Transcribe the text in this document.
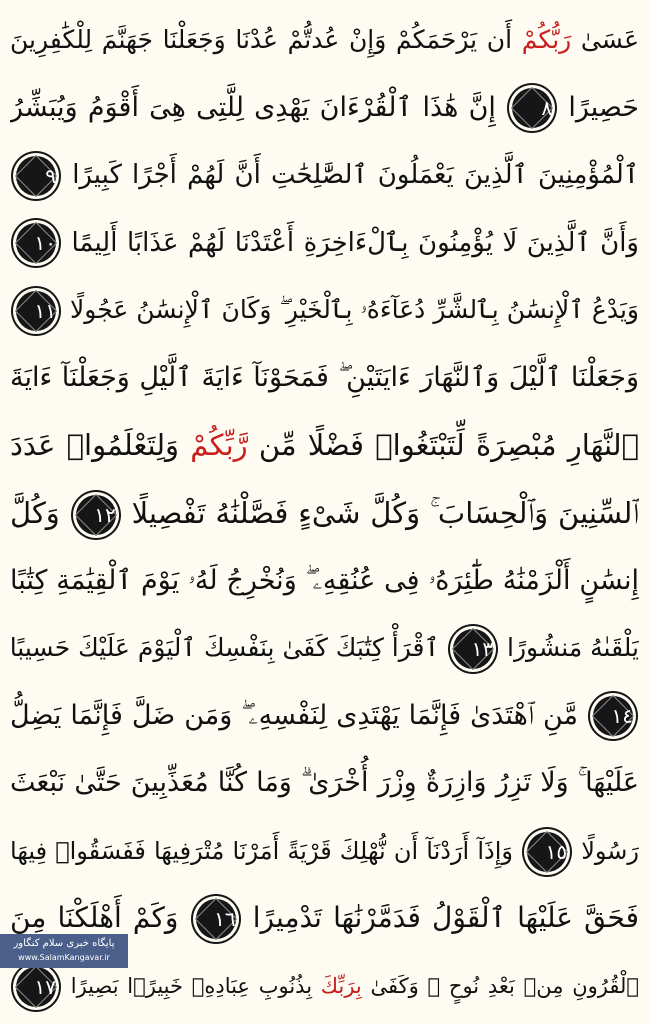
عَسَىٰ رَبُّكُمْ أَن يَرْحَمَكُمْ وَإِنْ عُدتُّمْ عُدْنَا وَجَعَلْنَا جَهَنَّمَ لِلْكَٰفِرِينَ
حَصِيرًا ٨ إِنَّ هَٰذَا ٱلْقُرْءَانَ يَهْدِى لِلَّتِى هِىَ أَقْوَمُ وَيُبَشِّرُ
ٱلْمُؤْمِنِينَ ٱلَّذِينَ يَعْمَلُونَ ٱلصَّٰلِحَٰتِ أَنَّ لَهُمْ أَجْرًا كَبِيرًا ٩
وَأَنَّ ٱلَّذِينَ لَا يُؤْمِنُونَ بِٱلْءَاخِرَةِ أَعْتَدْنَا لَهُمْ عَذَابًا أَلِيمًا ١٠
وَيَدْعُ ٱلْإِنسَٰنُ بِٱلشَّرِّ دُعَآءَهُۥ بِٱلْخَيْرِ ۖ وَكَانَ ٱلْإِنسَٰنُ عَجُولًا ١١
وَجَعَلْنَا ٱلَّيْلَ وَٱلنَّهَارَ ءَايَتَيْنِ ۖ فَمَحَوْنَآ ءَايَةَ ٱلَّيْلِ وَجَعَلْنَآ ءَايَةَ
ٱلنَّهَارِ مُبْصِرَةً لِّتَبْتَغُوا۟ فَضْلًا مِّن رَّبِّكُمْ وَلِتَعْلَمُوا۟ عَدَدَ
ٱلسِّنِينَ وَٱلْحِسَابَ ۚ وَكُلَّ شَىْءٍ فَصَّلْنَٰهُ تَفْصِيلًا ١٢ وَكُلَّ
إِنسَٰنٍ أَلْزَمْنَٰهُ طَٰٓئِرَهُۥ فِى عُنُقِهِۦ ۖ وَنُخْرِجُ لَهُۥ يَوْمَ ٱلْقِيَٰمَةِ كِتَٰبًا
يَلْقَىٰهُ مَنشُورًا ١٣ ٱقْرَأْ كِتَٰبَكَ كَفَىٰ بِنَفْسِكَ ٱلْيَوْمَ عَلَيْكَ حَسِيبًا
١٤ مَّنِ ٱهْتَدَىٰ فَإِنَّمَا يَهْتَدِى لِنَفْسِهِۦ ۖ وَمَن ضَلَّ فَإِنَّمَا يَضِلُّ
عَلَيْهَا ۚ وَلَا تَزِرُ وَازِرَةٌ وِزْرَ أُخْرَىٰ ۗ وَمَا كُنَّا مُعَذِّبِينَ حَتَّىٰ نَبْعَثَ
رَسُولًا ١٥ وَإِذَآ أَرَدْنَآ أَن نُّهْلِكَ قَرْيَةً أَمَرْنَا مُتْرَفِيهَا فَفَسَقُوا۟ فِيهَا
فَحَقَّ عَلَيْهَا ٱلْقَوْلُ فَدَمَّرْنَٰهَا تَدْمِيرًا ١٦ وَكَمْ أَهْلَكْنَا مِنَ
ٱلْقُرُونِ مِنۢ بَعْدِ نُوحٍ ۗ وَكَفَىٰ بِرَبِّكَ بِذُنُوبِ عِبَادِهِۦ خَبِيرًۢا بَصِيرًا ١٧
پایگاه خبری سلام کنگاور
www.SalamKangavar.ir
